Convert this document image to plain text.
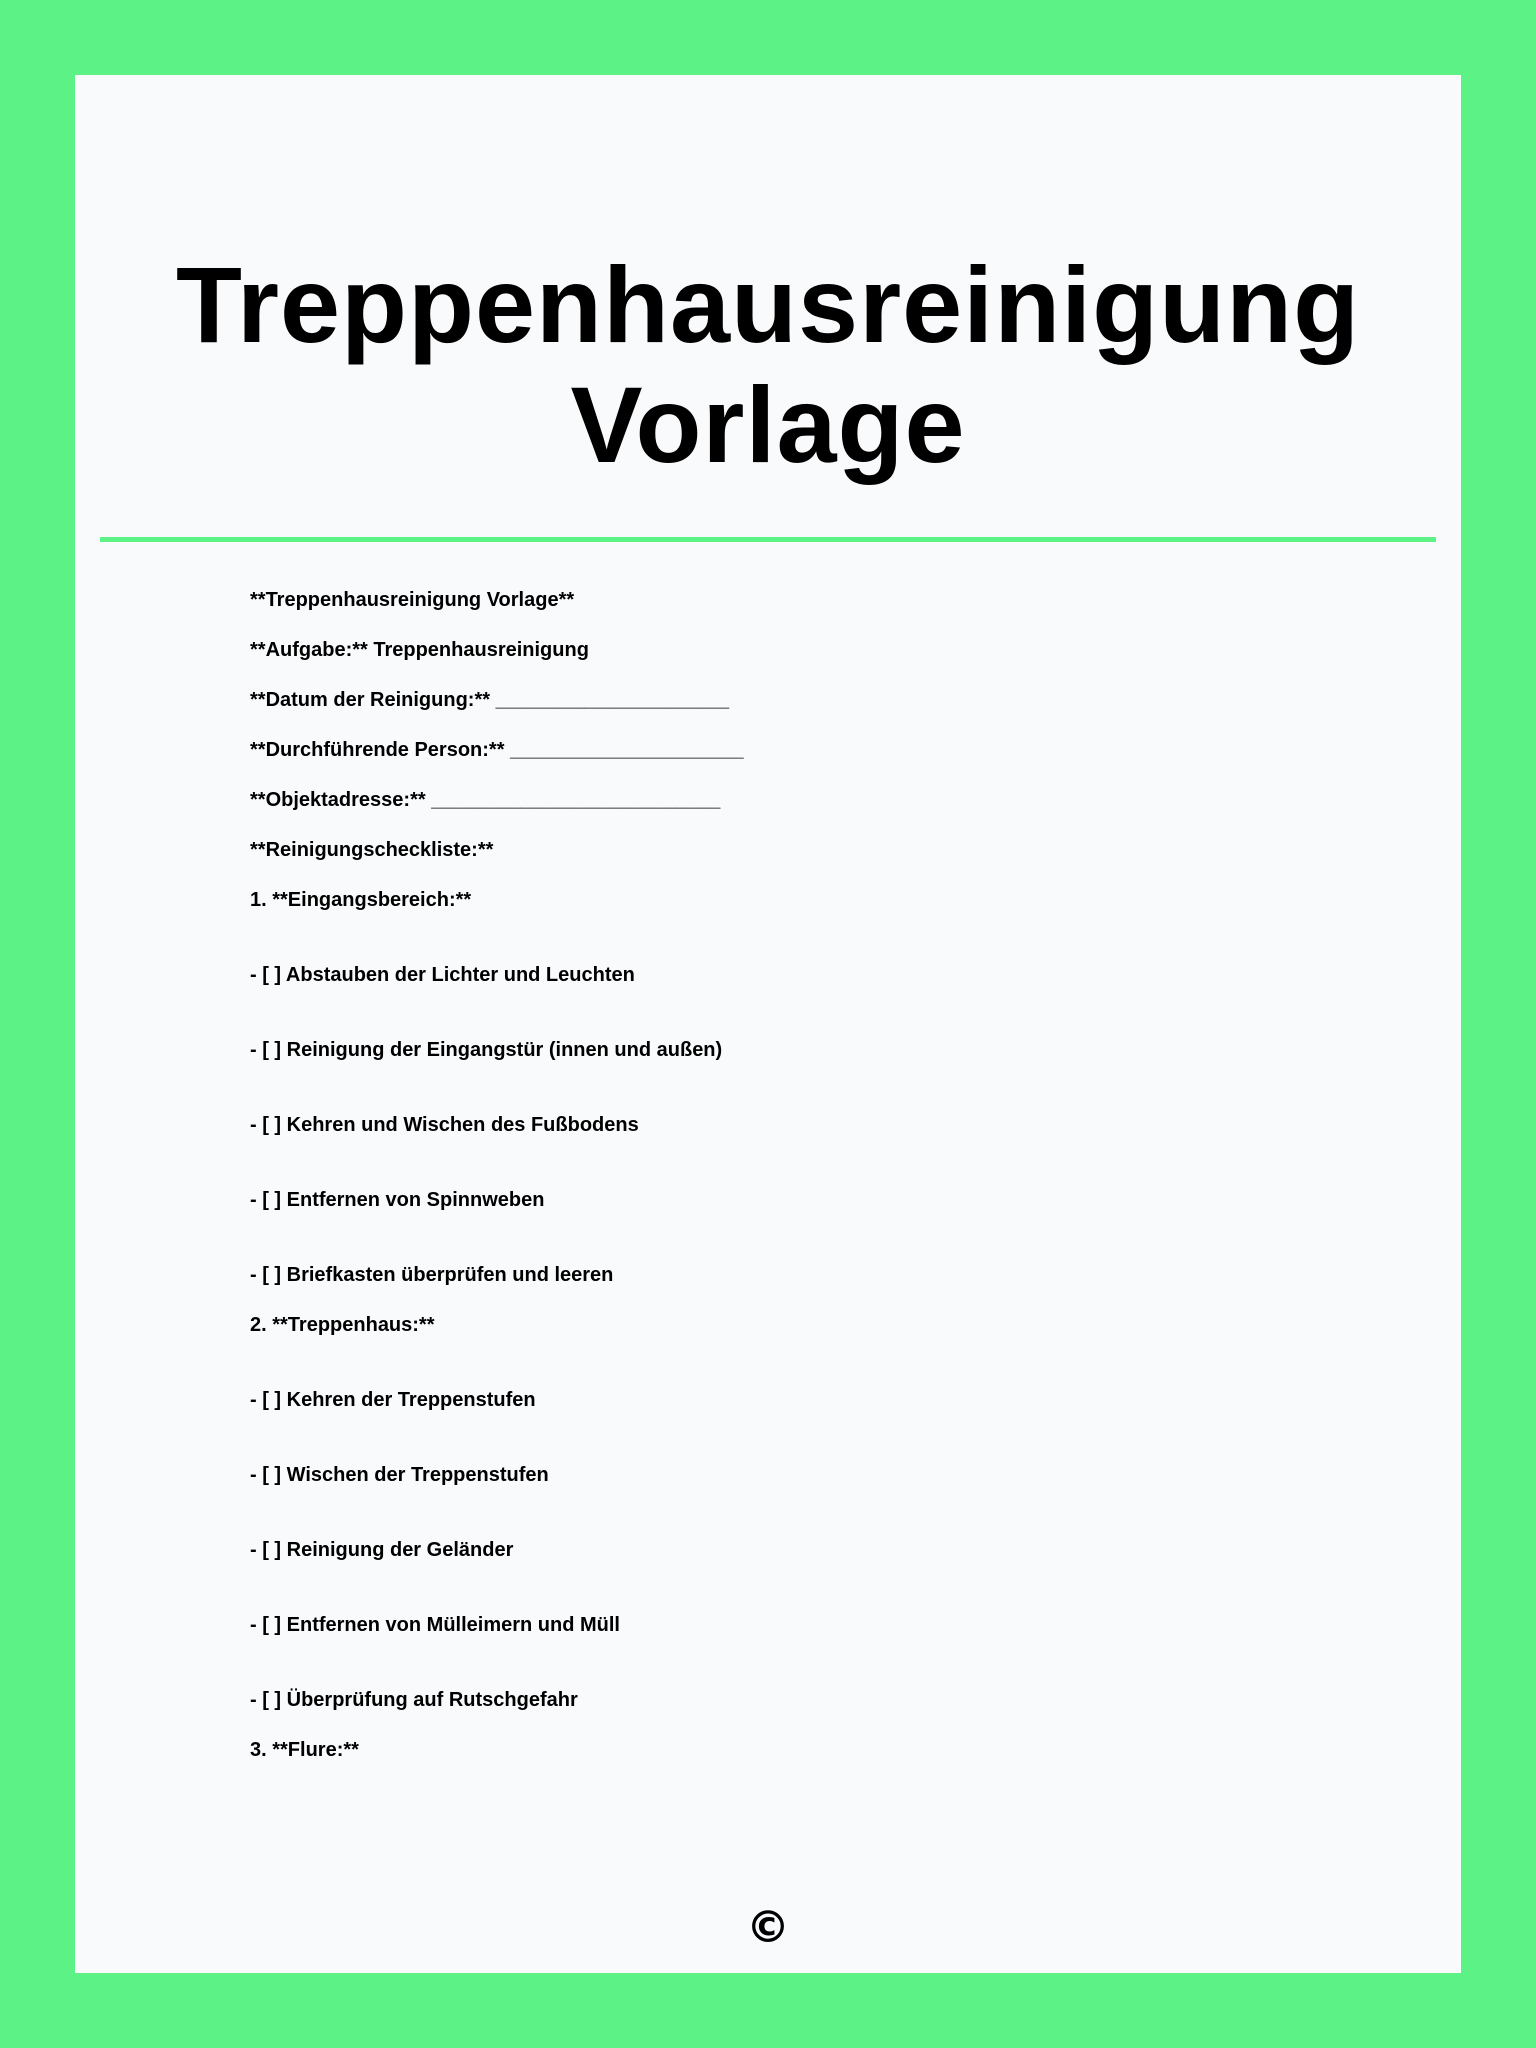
Treppenhausreinigung
Vorlage
**Treppenhausreinigung Vorlage**
**Aufgabe:** Treppenhausreinigung
**Datum der Reinigung:** _____________________
**Durchführende Person:** _____________________
**Objektadresse:** __________________________
**Reinigungscheckliste:**
1. **Eingangsbereich:**
- [ ] Abstauben der Lichter und Leuchten
- [ ] Reinigung der Eingangstür (innen und außen)
- [ ] Kehren und Wischen des Fußbodens
- [ ] Entfernen von Spinnweben
- [ ] Briefkasten überprüfen und leeren
2. **Treppenhaus:**
- [ ] Kehren der Treppenstufen
- [ ] Wischen der Treppenstufen
- [ ] Reinigung der Geländer
- [ ] Entfernen von Mülleimern und Müll
- [ ] Überprüfung auf Rutschgefahr
3. **Flure:**
©
